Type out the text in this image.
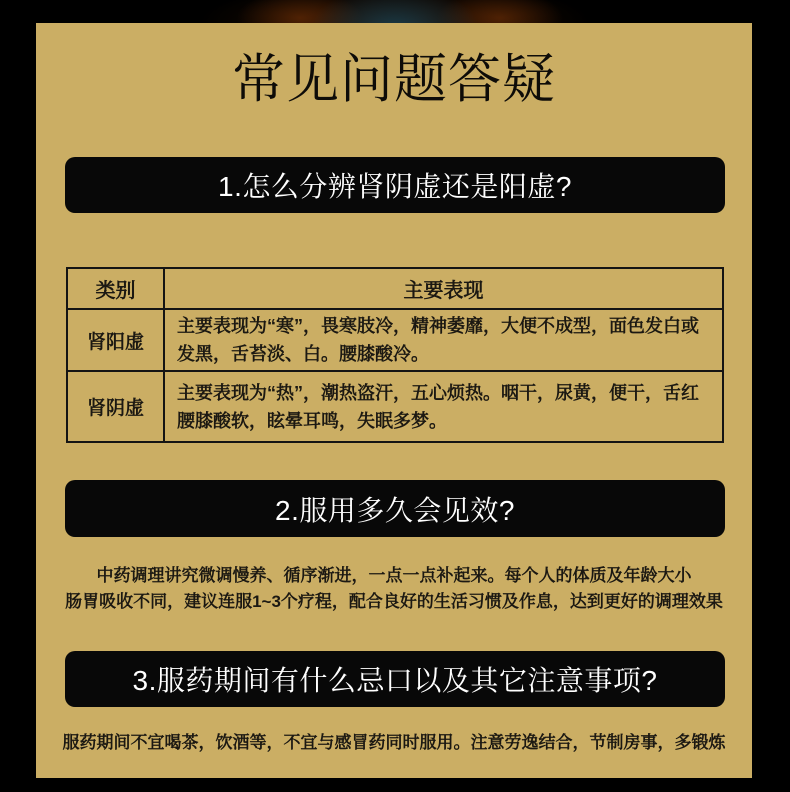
常见问题答疑
1.怎么分辨肾阴虚还是阳虚?
类别	主要表现
肾阳虚
主要表现为“寒”，畏寒肢冷，精神萎靡，大便不成型，面色发白或发黑，舌苔淡、白。腰膝酸冷。
肾阴虚
主要表现为“热”，潮热盗汗，五心烦热。咽干，尿黄，便干，舌红腰膝酸软，眩晕耳鸣，失眠多梦。
2.服用多久会见效?
中药调理讲究微调慢养、循序渐进，一点一点补起来。每个人的体质及年龄大小
肠胃吸收不同，建议连服1~3个疗程，配合良好的生活习惯及作息，达到更好的调理效果
3.服药期间有什么忌口以及其它注意事项?
服药期间不宜喝茶，饮酒等，不宜与感冒药同时服用。注意劳逸结合，节制房事，多锻炼
